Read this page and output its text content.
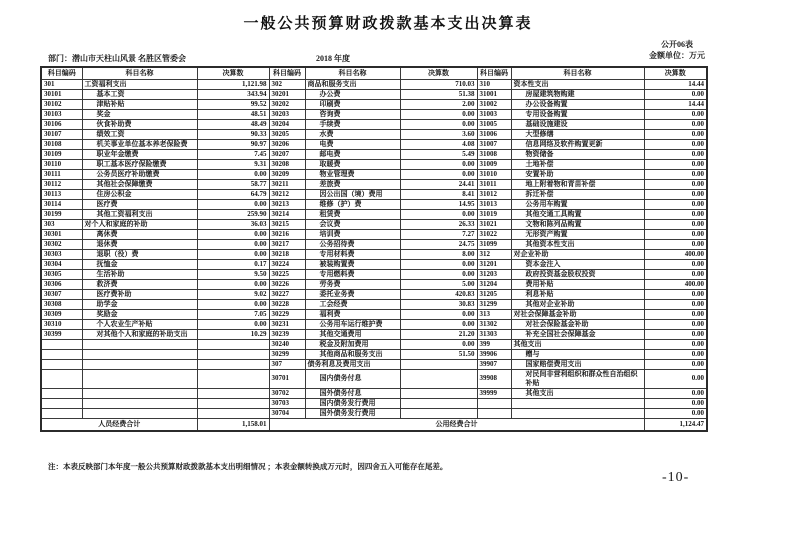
一般公共预算财政拨款基本支出决算表
部门：潜山市天柱山风景 名胜区管委会	2018 年度
公开06表
金额单位：万元
科目编码	科目名称	决算数	科目编码	科目名称	决算数	科目编码	科目名称	决算数
301	工资福利支出	1,121.98	302	商品和服务支出	710.03	310	资本性支出	14.44
30101	基本工资	343.94	30201	办公费	51.38	31001	房屋建筑物购建	0.00
30102	津贴补贴	99.52	30202	印刷费	2.00	31002	办公设备购置	14.44
30103	奖金	48.51	30203	咨询费	0.00	31003	专用设备购置	0.00
30106	伙食补助费	48.49	30204	手续费	0.00	31005	基础设施建设	0.00
30107	绩效工资	90.33	30205	水费	3.60	31006	大型修缮	0.00
30108	机关事业单位基本养老保险费	90.97	30206	电费	4.08	31007	信息网络及软件购置更新	0.00
30109	职业年金缴费	7.45	30207	邮电费	5.49	31008	物资储备	0.00
30110	职工基本医疗保险缴费	9.31	30208	取暖费	0.00	31009	土地补偿	0.00
30111	公务员医疗补助缴费	0.00	30209	物业管理费	0.00	31010	安置补助	0.00
30112	其他社会保障缴费	58.77	30211	差旅费	24.41	31011	地上附着物和青苗补偿	0.00
30113	住房公积金	64.79	30212	因公出国（境）费用	8.41	31012	拆迁补偿	0.00
30114	医疗费	0.00	30213	维修（护）费	14.95	31013	公务用车购置	0.00
30199	其他工资福利支出	259.90	30214	租赁费	0.00	31019	其他交通工具购置	0.00
303	对个人和家庭的补助	36.03	30215	会议费	26.33	31021	文物和陈列品购置	0.00
30301	离休费	0.00	30216	培训费	7.27	31022	无形资产购置	0.00
30302	退休费	0.00	30217	公务招待费	24.75	31099	其他资本性支出	0.00
30303	退职（役）费	0.00	30218	专用材料费	8.00	312	对企业补助	400.00
30304	抚恤金	0.17	30224	被装购置费	0.00	31201	资本金注入	0.00
30305	生活补助	9.50	30225	专用燃料费	0.00	31203	政府投资基金股权投资	0.00
30306	救济费	0.00	30226	劳务费	5.00	31204	费用补贴	400.00
30307	医疗费补助	9.02	30227	委托业务费	420.83	31205	利息补贴	0.00
30308	助学金	0.00	30228	工会经费	30.83	31299	其他对企业补助	0.00
30309	奖励金	7.05	30229	福利费	0.00	313	对社会保障基金补助	0.00
30310	个人农业生产补贴	0.00	30231	公务用车运行维护费	0.00	31302	对社会保险基金补助	0.00
30399	对其他个人和家庭的补助支出	10.29	30239	其他交通费用	21.20	31303	补充全国社会保障基金	0.00
			30240	税金及附加费用	0.00	399	其他支出	0.00
			30299	其他商品和服务支出	51.50	39906	赠与	0.00
			307	债务利息及费用支出		39907	国家赔偿费用支出	0.00
			30701	国内债务付息		39908	对民间非营利组织和群众性自治组织补贴	0.00
			30702	国外债务付息		39999	其他支出	0.00
			30703	国内债务发行费用				0.00
			30704	国外债务发行费用				0.00
人员经费合计		1,158.01	公用经费合计					1,124.47
注：本表反映部门本年度一般公共预算财政拨款基本支出明细情况 ；本表金额转换成万元时，因四舍五入可能存在尾差。
-10-
